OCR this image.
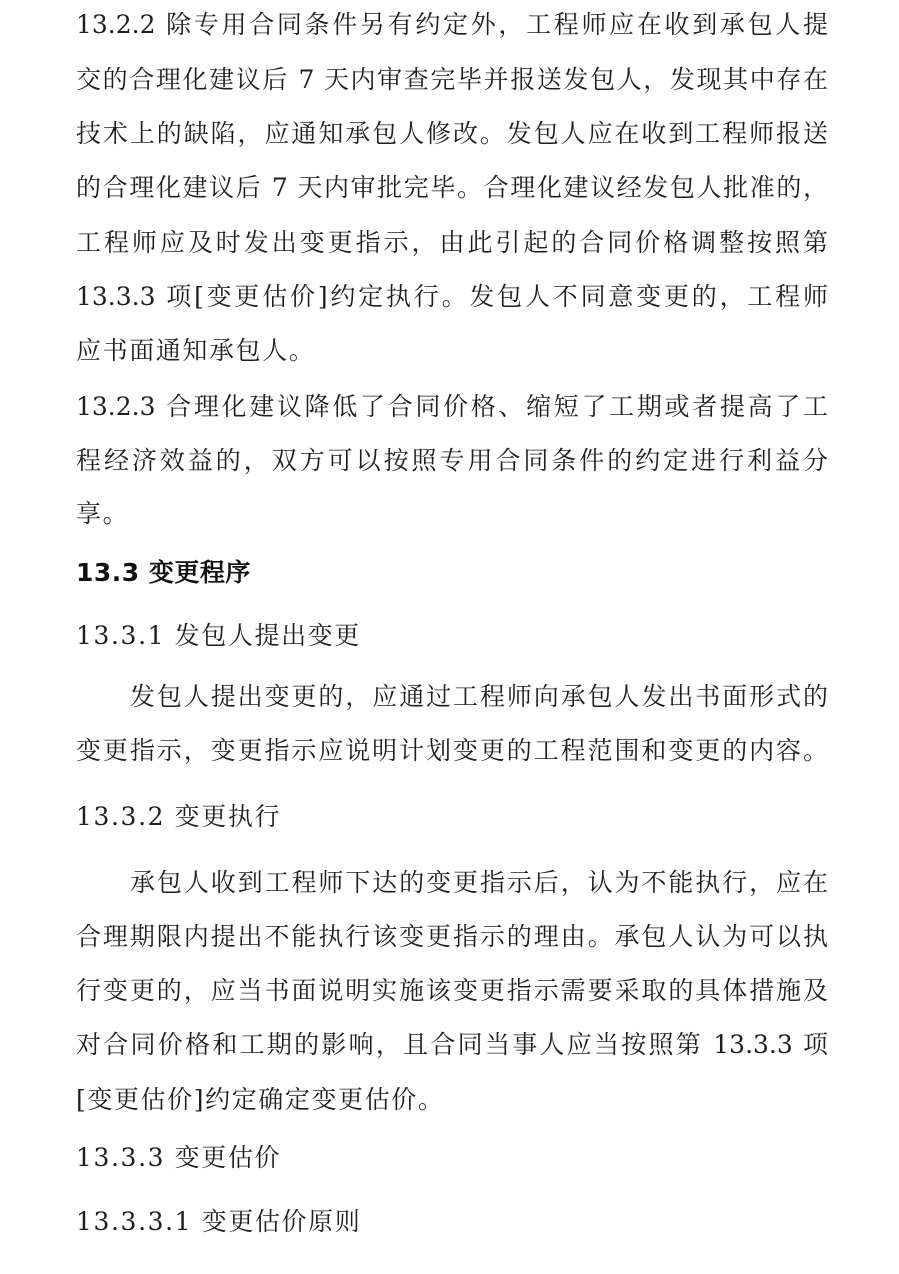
13.2.2 除专用合同条件另有约定外，工程师应在收到承包人提
交的合理化建议后 7 天内审查完毕并报送发包人，发现其中存在
技术上的缺陷，应通知承包人修改。发包人应在收到工程师报送
的合理化建议后 7 天内审批完毕。合理化建议经发包人批准的，
工程师应及时发出变更指示，由此引起的合同价格调整按照第
13.3.3 项[变更估价]约定执行。发包人不同意变更的，工程师
应书面通知承包人。
13.2.3 合理化建议降低了合同价格、缩短了工期或者提高了工
程经济效益的，双方可以按照专用合同条件的约定进行利益分
享。
13.3 变更程序
13.3.1 发包人提出变更
发包人提出变更的，应通过工程师向承包人发出书面形式的
变更指示，变更指示应说明计划变更的工程范围和变更的内容。
13.3.2 变更执行
承包人收到工程师下达的变更指示后，认为不能执行，应在
合理期限内提出不能执行该变更指示的理由。承包人认为可以执
行变更的，应当书面说明实施该变更指示需要采取的具体措施及
对合同价格和工期的影响，且合同当事人应当按照第 13.3.3 项
[变更估价]约定确定变更估价。
13.3.3 变更估价
13.3.3.1 变更估价原则
